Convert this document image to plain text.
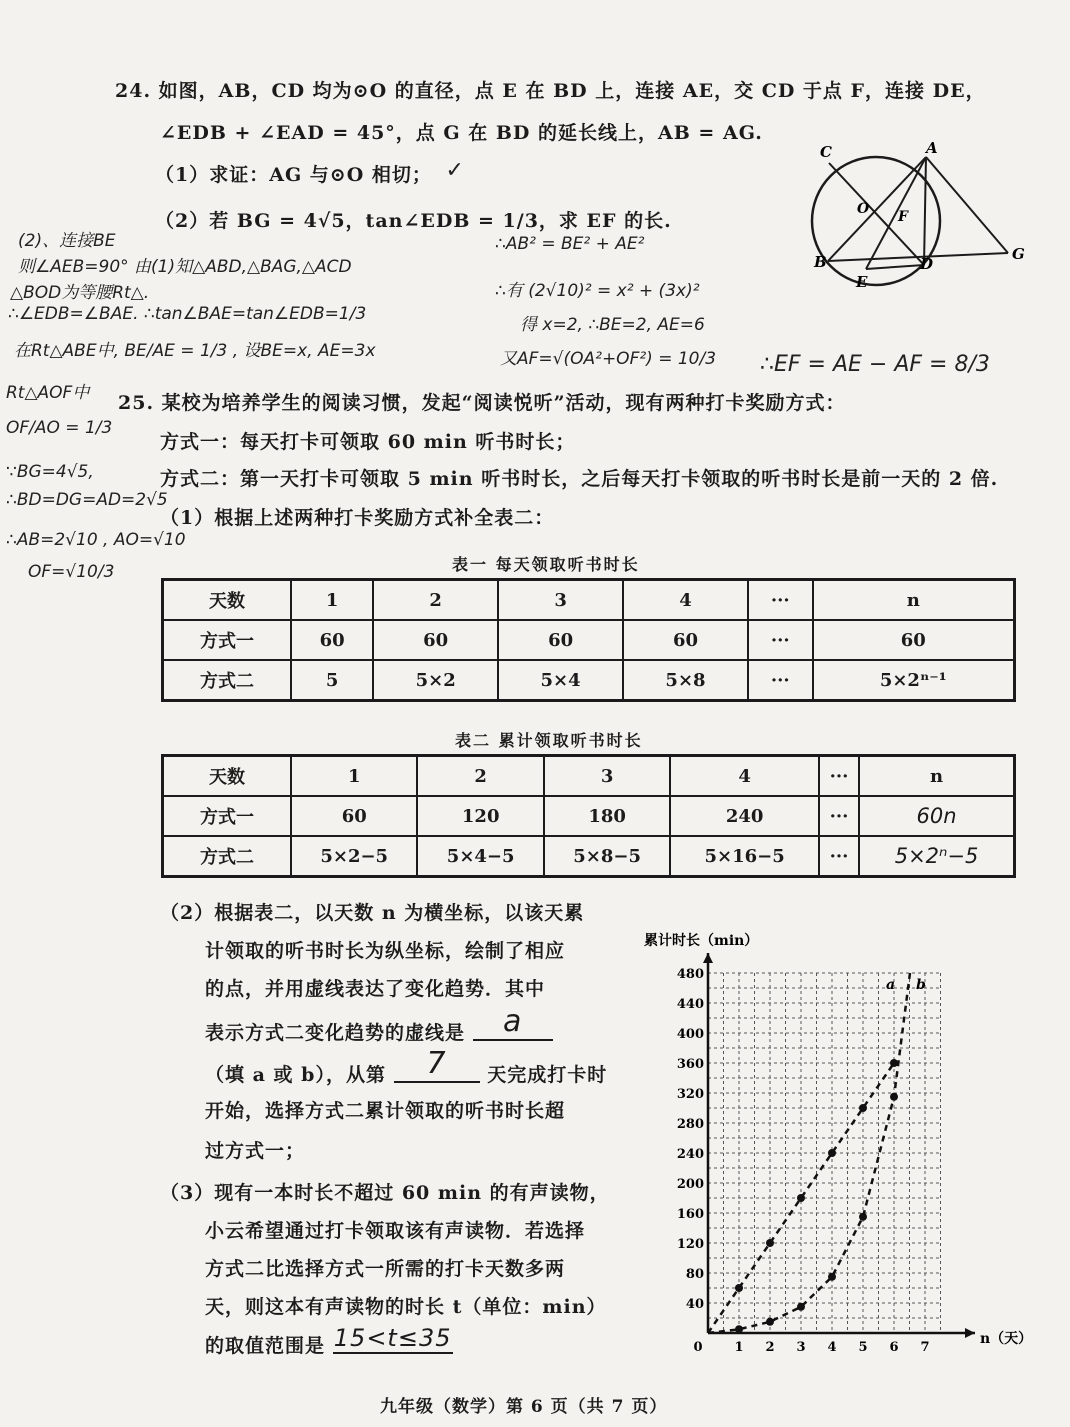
24. 如图，AB，CD 均为⊙O 的直径，点 E 在 BD 上，连接 AE，交 CD 于点 F，连接 DE，
∠EDB + ∠EAD = 45°，点 G 在 BD 的延长线上，AB = AG.
（1）求证：AG 与⊙O 相切； ✓
（2）若 BG = 4√5，tan∠EDB = 1/3，求 EF 的长.
C	A
O F
B	D
E
G
(2)、连接BE
则∠AEB=90° 由(1)知△ABD,△BAG,△ACD
△BOD为等腰Rt△.
∴∠EDB=∠BAE. ∴tan∠BAE=tan∠EDB=1/3
在Rt△ABE中, BE/AE = 1/3 , 设BE=x, AE=3x
Rt△AOF中
OF/AO = 1/3
∵BG=4√5,
∴BD=DG=AD=2√5
∴AB=2√10 , AO=√10
OF=√10/3
∴AB² = BE² + AE²
∴有 (2√10)² = x² + (3x)²
得 x=2, ∴BE=2, AE=6
又AF=√(OA²+OF²) = 10/3 ∴EF = AE − AF = 8/3
25. 某校为培养学生的阅读习惯，发起“阅读悦听”活动，现有两种打卡奖励方式：
方式一：每天打卡可领取 60 min 听书时长；
方式二：第一天打卡可领取 5 min 听书时长，之后每天打卡领取的听书时长是前一天的 2 倍.
（1）根据上述两种打卡奖励方式补全表二：
表一 每天领取听书时长
天数	1	2	3	4	···	n
方式一	60	60	60	60	···	60
方式二	5	5×2	5×4	5×8	···	5×2ⁿ⁻¹
表二 累计领取听书时长
天数	1	2	3	4	···	n
方式一	60	120	180	240	···	60n
方式二	5×2−5	5×4−5	5×8−5	5×16−5	···	5×2ⁿ−5
（2）根据表二，以天数 n 为横坐标，以该天累
计领取的听书时长为纵坐标，绘制了相应
的点，并用虚线表达了变化趋势．其中
表示方式二变化趋势的虚线是 a
（填 a 或 b），从第 7 天完成打卡时
开始，选择方式二累计领取的听书时长超
过方式一；
（3）现有一本时长不超过 60 min 的有声读物，
小云希望通过打卡领取该有声读物．若选择
方式二比选择方式一所需的打卡天数多两
天，则这本有声读物的时长 t（单位：min）
的取值范围是 15<t≤35
40
80
120
160
200
240
280
320
360
400
440
480
0 1 2 3 4 5 6 7
a b
累计时长（min）
n（天）
九年级（数学）第 6 页（共 7 页）
